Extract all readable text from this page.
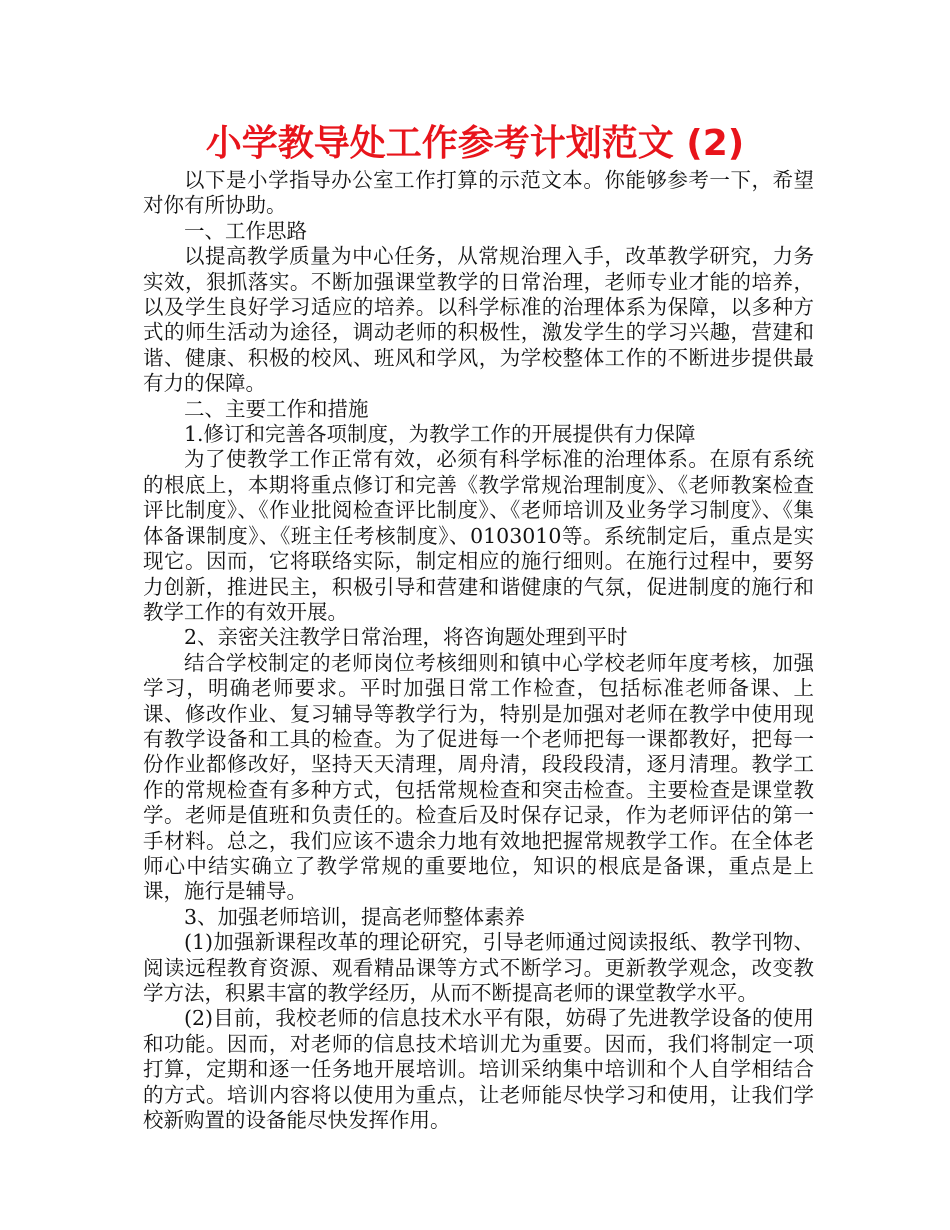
小学教导处工作参考计划范文 (2)

以下是小学指导办公室工作打算的示范文本。你能够参考一下，希望对你有所协助。

一、工作思路

以提高教学质量为中心任务，从常规治理入手，改革教学研究，力务实效，狠抓落实。不断加强课堂教学的日常治理，老师专业才能的培养，以及学生良好学习适应的培养。以科学标准的治理体系为保障，以多种方式的师生活动为途径，调动老师的积极性，激发学生的学习兴趣，营建和谐、健康、积极的校风、班风和学风，为学校整体工作的不断进步提供最有力的保障。

二、主要工作和措施

1.修订和完善各项制度，为教学工作的开展提供有力保障

为了使教学工作正常有效，必须有科学标准的治理体系。在原有系统的根底上，本期将重点修订和完善《教学常规治理制度》、《老师教案检查评比制度》、《作业批阅检查评比制度》、《老师培训及业务学习制度》、《集体备课制度》、《班主任考核制度》、0103010等。系统制定后，重点是实现它。因而，它将联络实际，制定相应的施行细则。在施行过程中，要努力创新，推进民主，积极引导和营建和谐健康的气氛，促进制度的施行和教学工作的有效开展。

2、亲密关注教学日常治理，将咨询题处理到平时

结合学校制定的老师岗位考核细则和镇中心学校老师年度考核，加强学习，明确老师要求。平时加强日常工作检查，包括标准老师备课、上课、修改作业、复习辅导等教学行为，特别是加强对老师在教学中使用现有教学设备和工具的检查。为了促进每一个老师把每一课都教好，把每一份作业都修改好，坚持天天清理，周舟清，段段段清，逐月清理。教学工作的常规检查有多种方式，包括常规检查和突击检查。主要检查是课堂教学。老师是值班和负责任的。检查后及时保存记录，作为老师评估的第一手材料。总之，我们应该不遗余力地有效地把握常规教学工作。在全体老师心中结实确立了教学常规的重要地位，知识的根底是备课，重点是上课，施行是辅导。

3、加强老师培训，提高老师整体素养

(1)加强新课程改革的理论研究，引导老师通过阅读报纸、教学刊物、阅读远程教育资源、观看精品课等方式不断学习。更新教学观念，改变教学方法，积累丰富的教学经历，从而不断提高老师的课堂教学水平。

(2)目前，我校老师的信息技术水平有限，妨碍了先进教学设备的使用和功能。因而，对老师的信息技术培训尤为重要。因而，我们将制定一项打算，定期和逐一任务地开展培训。培训采纳集中培训和个人自学相结合的方式。培训内容将以使用为重点，让老师能尽快学习和使用，让我们学校新购置的设备能尽快发挥作用。
